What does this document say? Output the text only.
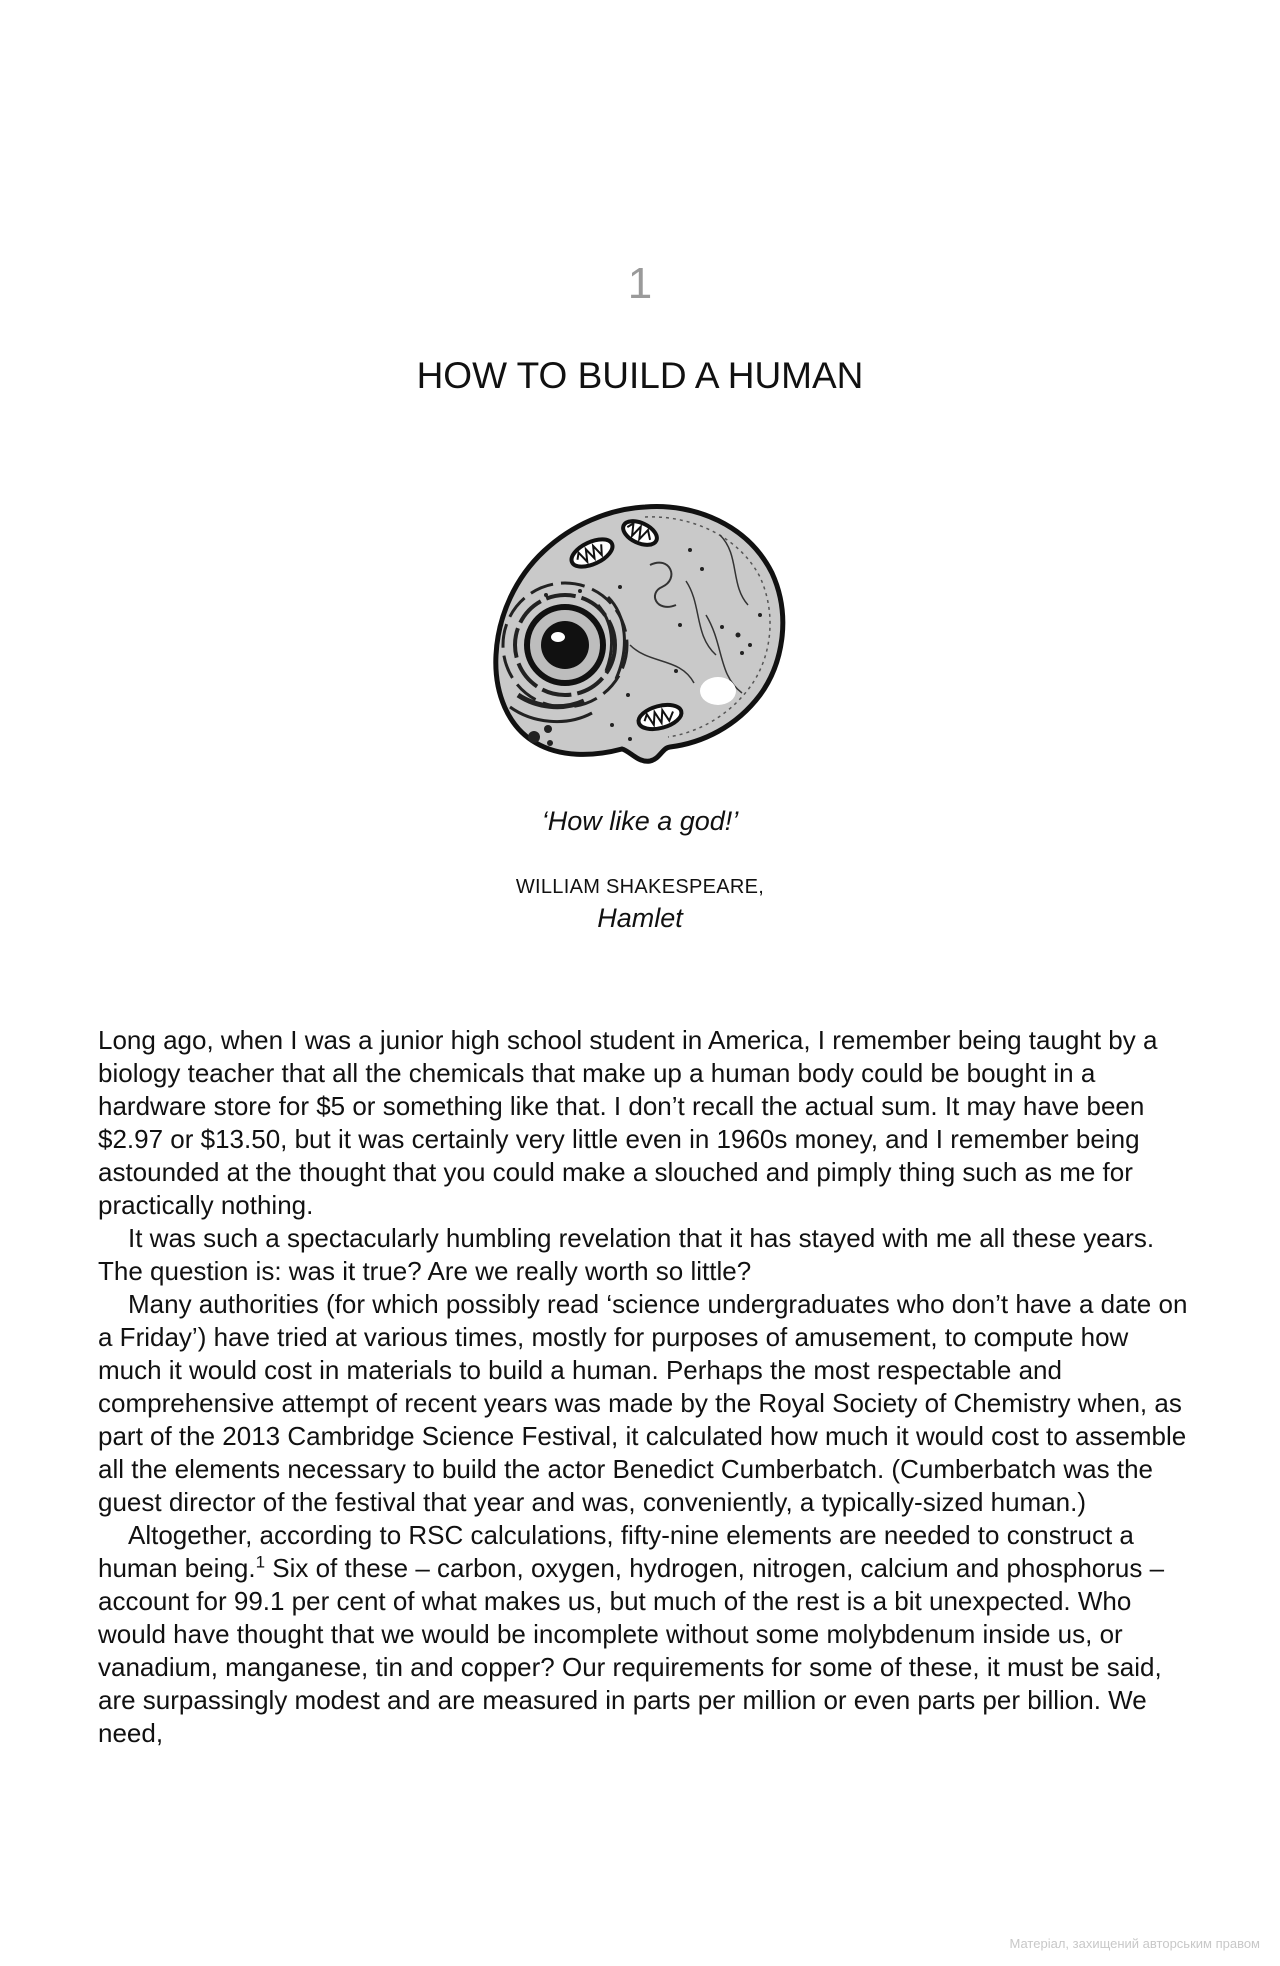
1
HOW TO BUILD A HUMAN
‘How like a god!’
WILLIAM SHAKESPEARE,
Hamlet

Long ago, when I was a junior high school student in America, I remember being taught by a biology teacher that all the chemicals that make up a human body could be bought in a hardware store for $5 or something like that. I don’t recall the actual sum. It may have been $2.97 or $13.50, but it was certainly very little even in 1960s money, and I remember being astounded at the thought that you could make a slouched and pimply thing such as me for practically nothing.

It was such a spectacularly humbling revelation that it has stayed with me all these years. The question is: was it true? Are we really worth so little?

Many authorities (for which possibly read ‘science undergraduates who don’t have a date on a Friday’) have tried at various times, mostly for purposes of amusement, to compute how much it would cost in materials to build a human. Perhaps the most respectable and comprehensive attempt of recent years was made by the Royal Society of Chemistry when, as part of the 2013 Cambridge Science Festival, it calculated how much it would cost to assemble all the elements necessary to build the actor Benedict Cumberbatch. (Cumberbatch was the guest director of the festival that year and was, conveniently, a typically-sized human.)

Altogether, according to RSC calculations, fifty-nine elements are needed to construct a human being.$^1$ Six of these – carbon, oxygen, hydrogen, nitrogen, calcium and phosphorus – account for 99.1 per cent of what makes us, but much of the rest is a bit unexpected. Who would have thought that we would be incomplete without some molybdenum inside us, or vanadium, manganese, tin and copper? Our requirements for some of these, it must be said, are surpassingly modest and are measured in parts per million or even parts per billion. We need,

Матеріал, захищений авторським правом
